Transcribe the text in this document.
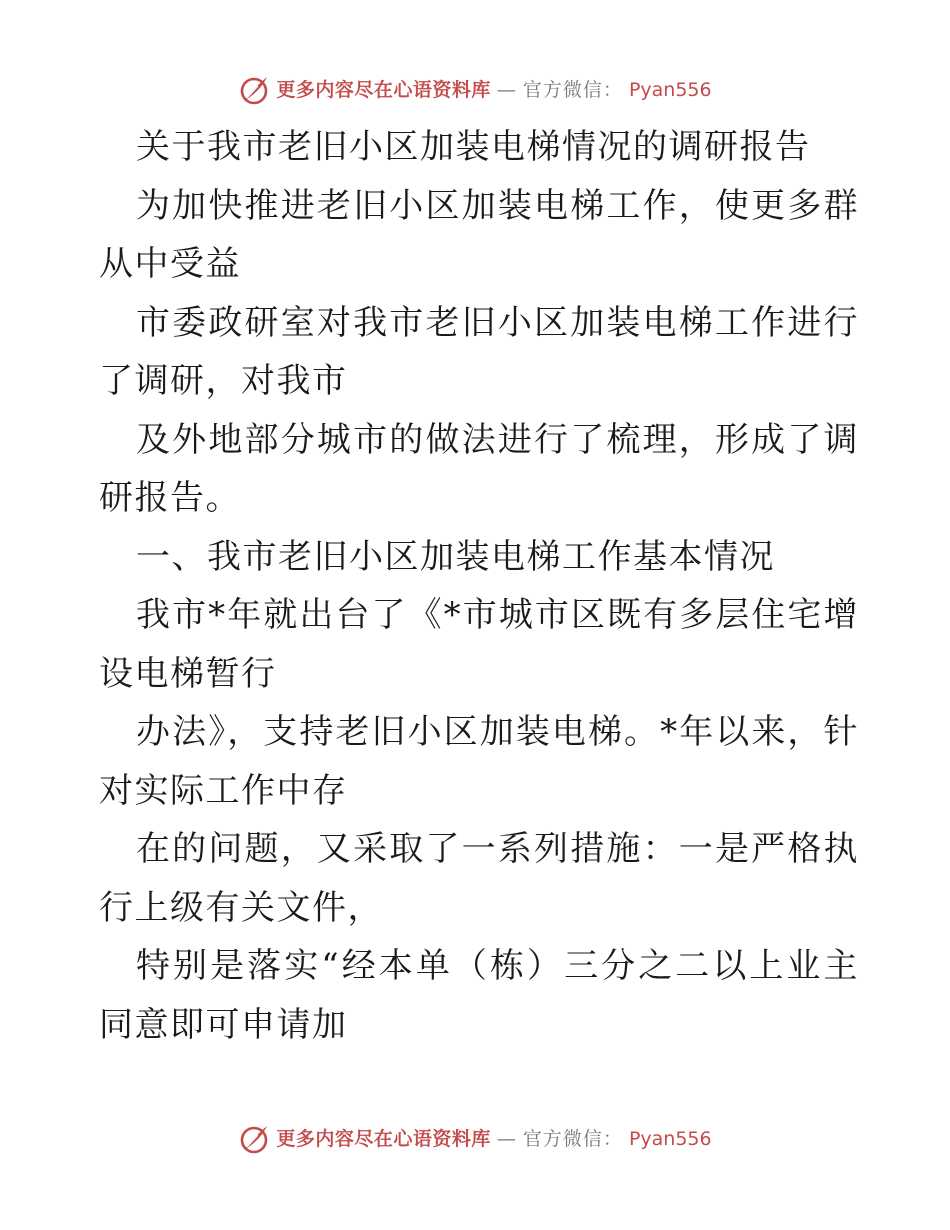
更多内容尽在心语资料库 — 官方微信： Pyan556

关于我市老旧小区加装电梯情况的调研报告

为加快推进老旧小区加装电梯工作，使更多群从中受益

市委政研室对我市老旧小区加装电梯工作进行了调研，对我市

及外地部分城市的做法进行了梳理，形成了调研报告。

一、我市老旧小区加装电梯工作基本情况

我市*年就出台了《*市城市区既有多层住宅增设电梯暂行

办法》，支持老旧小区加装电梯。*年以来，针对实际工作中存

在的问题，又采取了一系列措施：一是严格执行上级有关文件，

特别是落实“经本单（栋）三分之二以上业主同意即可申请加

更多内容尽在心语资料库 — 官方微信： Pyan556
